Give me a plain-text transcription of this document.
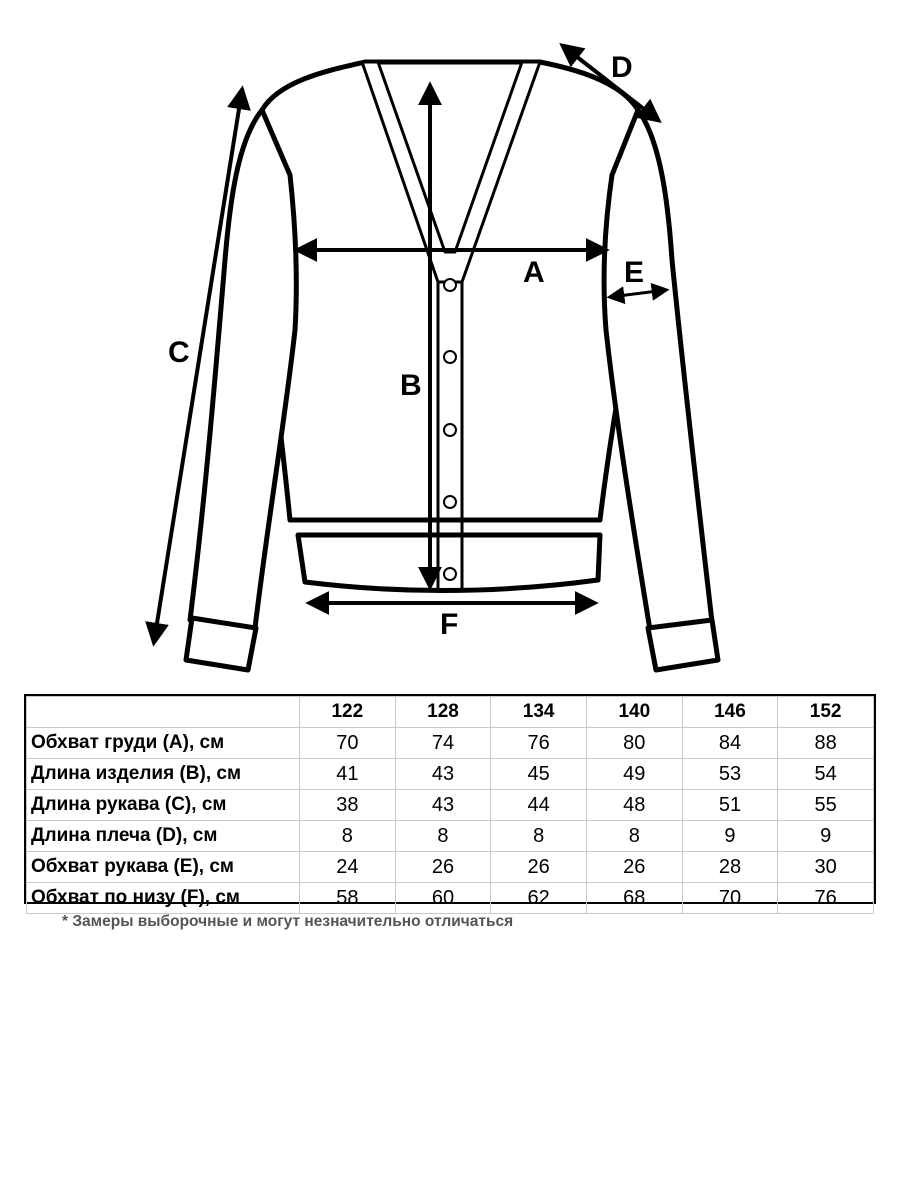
A
B
C
D
E
F
	122	128	134	140	146	152
Обхват груди (A), см	70	74	76	80	84	88
Длина изделия (B), см	41	43	45	49	53	54
Длина рукава (C), см	38	43	44	48	51	55
Длина плеча (D), см	8	8	8	8	9	9
Обхват рукава (E), см	24	26	26	26	28	30
Обхват по низу (F), см	58	60	62	68	70	76
* Замеры выборочные и могут незначительно отличаться
